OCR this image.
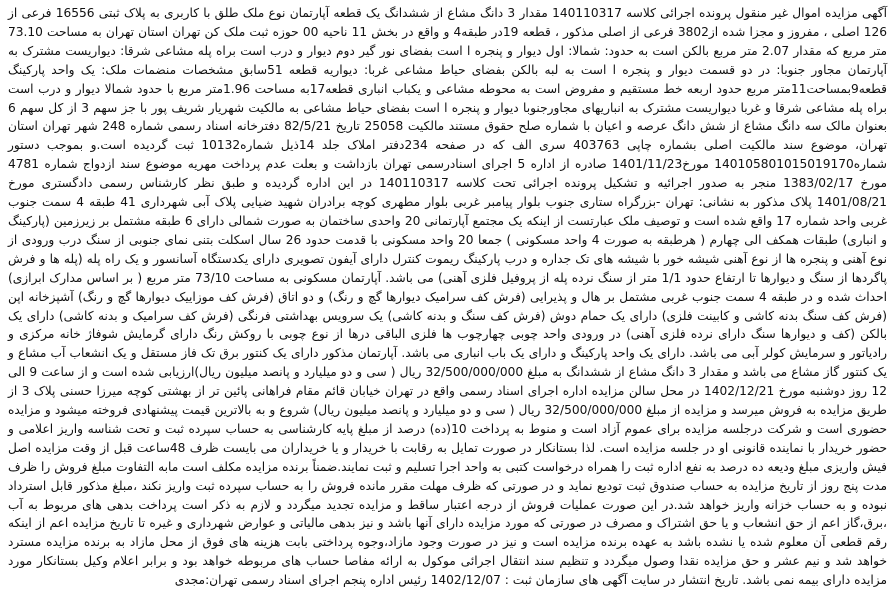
آگهی مزایده اموال غیر منقول پرونده اجرائی کلاسه 140110317 مقدار 3 دانگ مشاع از ششدانگ یک قطعه آپارتمان نوع ملک طلق با کاربری به پلاک ثبتی 16556 فرعی از 126 اصلی ، مفروز و مجزا شده از3802 فرعی از اصلی مذکور ، قطعه 19در طبقه4 و واقع در بخش 11 ناحیه 00 حوزه ثبت ملک کن تهران استان تهران به مساحت 73.10 متر مربع که مقدار 2.07 متر مربع بالکن است به حدود: شمالا: اول دیوار و پنجره ا است بفضای نور گیر دوم دیوار و درب است براه پله مشاعی شرقا: دیواریست مشترک به آپارتمان مجاور جنوبا: در دو قسمت دیوار و پنجره ا است به لبه بالکن بفضای حیاط مشاعی غربا: دیواریه قطعه 51سابق مشخصات منضمات ملک: یک واحد پارکینگ قطعه9بمساحت11متر مربع حدود اربعه خط مستقیم و مفروض است به محوطه مشاعی و یکباب انباری قطعه17به مساحت 1.96متر مربع با حدود شمالا دیوار و درب است براه پله مشاعی شرقا و غربا دیواریست مشترک به انباریهای مجاورجنوبا دیوار و پنجره ا است بفضای حیاط مشاعی به مالکیت شهریار شریف پور با جز سهم 3 از کل سهم 6 بعنوان مالک سه دانگ مشاع از شش دانگ عرصه و اعیان با شماره صلح حقوق مستند مالکیت 25058 تاریخ 82/5/21 دفترخانه اسناد رسمی شماره 248 شهر تهران استان تهران، موضوع سند مالکیت اصلی بشماره چاپی 403763 سری الف که در صفحه 234دفتر املاک جلد 14ذیل شماره10132 ثبت گردیده است.و بموجب دستور شماره140105801015019170 مورخ1401/11/23 صادره از اداره 5 اجرای اسنادرسمی تهران بازداشت و بعلت عدم پرداخت مهریه موضوع سند ازدواج شماره 4781 مورخ 1383/02/17 منجر به صدور اجرائیه و تشکیل پرونده اجرائی تحت کلاسه 140110317 در این اداره گردیده و طبق نظر کارشناس رسمی دادگستری مورخ 1401/08/21 پلاک مذکور به نشانی: تهران -بزرگراه ستاری جنوب بلوار پیامبر غربی بلوار مطهری کوچه برادران شهید ضیایی پلاک آبی شهرداری 41 طبقه 4 سمت جنوب غربی واحد شماره 17 واقع شده است و توصیف ملک عبارتست از اینکه یک مجتمع آپارتمانی 20 واحدی ساختمان به صورت شمالی دارای 6 طبقه مشتمل بر زیرزمین (پارکینگ و انباری) طبقات همکف الی چهارم ( هرطبقه به صورت 4 واحد مسکونی ) جمعا 20 واحد مسکونی با قدمت حدود 26 سال اسکلت بتنی نمای جنوبی از سنگ درب ورودی از نوع آهنی و پنجره ها از نوع آهنی شیشه خور با شیشه های تک جداره و درب پارکینگ ریموت کنترل دارای آیفون تصویری دارای یکدستگاه آسانسور و یک راه پله (پله ها و فرش پاگردها از سنگ و دیوارها تا ارتفاع حدود 1/1 متر از سنگ نرده پله از پروفیل فلزی آهنی) می باشد. آپارتمان مسکونی به مساحت 73/10 متر مربع ( بر اساس مدارک ابرازی) احداث شده و در طبقه 4 سمت جنوب غربی مشتمل بر هال و پذیرایی (فرش کف سرامیک دیوارها گچ و رنگ) و دو اتاق (فرش کف موزاییک دیوارها گچ و رنگ) آشپزخانه اپن (فرش کف سنگ بدنه کاشی و کابینت فلزی) دارای یک حمام دوش (فرش کف سنگ و بدنه کاشی) یک سرویس بهداشتی فرنگی (فرش کف سرامیک و بدنه کاشی) دارای یک بالکن (کف و دیوارها سنگ دارای نرده فلزی آهنی) در ورودی واحد چوبی چهارچوب ها فلزی الباقی درها از نوع چوبی با روکش رنگ دارای گرمایش شوفاژ خانه مرکزی و رادیاتور و سرمایش کولر آبی می باشد. دارای یک واحد پارکینگ و دارای یک باب انباری می باشد. آپارتمان مذکور دارای یک کنتور برق تک فاز مستقل و یک انشعاب آب مشاع و یک کنتور گاز مشاع می باشد و مقدار 3 دانگ مشاع از ششدانگ به مبلغ 32/500/000/000 ریال ( سی و دو میلیارد و پانصد میلیون ریال)ارزیابی شده است و از ساعت 9 الی 12 روز دوشنبه مورخ 1402/12/21 در محل سالن مزایده اداره اجرای اسناد رسمی واقع در تهران خیابان قائم مقام فراهانی پائین تر از بهشتی کوچه میرزا حسنی پلاک 3 از طریق مزایده به فروش میرسد و مزایده از مبلغ 32/500/000/000 ریال ( سی و دو میلیارد و پانصد میلیون ریال) شروع و به بالاترین قیمت پیشنهادی فروخته میشود و مزایده حضوری است و شرکت درجلسه مزایده برای عموم آزاد است و منوط به پرداخت 10(ده) درصد از مبلغ پایه کارشناسی به حساب سپرده ثبت و تحت شناسه واریز اعلامی و حضور خریدار با نماینده قانونی او در جلسه مزایده است. لذا بستانکار در صورت تمایل به رقابت با خریدار و یا خریداران می بایست ظرف 48ساعت قبل از وقت مزایده اصل فیش واریزی مبلغ ودیعه ده درصد به نفع اداره ثبت را همراه درخواست کتبی به واحد اجرا تسلیم و ثبت نمایند.ضمناً برنده مزایده مکلف است مابه التفاوت مبلغ فروش را ظرف مدت پنج روز از تاریخ مزایده به حساب صندوق ثبت تودیع نماید و در صورتی که ظرف مهلت مقرر مانده فروش را به حساب سپرده ثبت واریز نکند ،مبلغ مذکور قابل استرداد نبوده و به حساب خزانه واریز خواهد شد.در این صورت عملیات فروش از درجه اعتبار ساقط و مزایده تجدید میگردد و لازم به ذکر است پرداخت بدهی های مربوط به آب ،برق،گاز اعم از حق انشعاب و یا حق اشتراک و مصرف در صورتی که مورد مزایده دارای آنها باشد و نیز بدهی مالیاتی و عوارض شهرداری و غیره تا تاریخ مزایده اعم از اینکه رقم قطعی آن معلوم شده یا نشده باشد به عهده برنده مزایده است و نیز در صورت وجود مازاد،وجوه پرداختی بابت هزینه های فوق از محل مازاد به برنده مزایده مسترد خواهد شد و نیم عشر و حق مزایده نقدا وصول میگردد و تنظیم سند انتقال اجرائی موکول به ارائه مفاصا حساب های مربوطه خواهد بود و برابر اعلام وکیل بستانکار مورد مزایده دارای بیمه نمی باشد. تاریخ انتشار در سایت آگهی های سازمان ثبت : 1402/12/07 رئیس اداره پنجم اجرای اسناد رسمی تهران:مجدی
